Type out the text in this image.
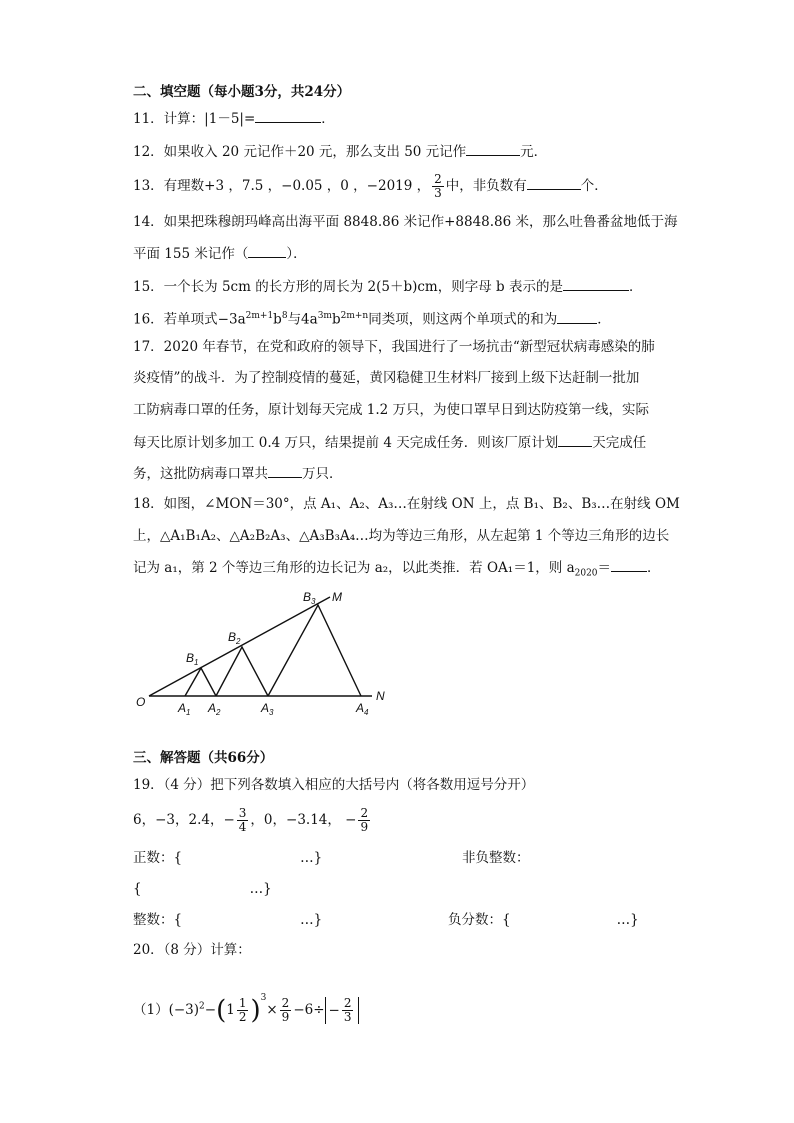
二、填空题（每小题3分，共24分）
11．计算：|1－5|=	．
12．如果收入 20 元记作＋20 元，那么支出 50 元记作	元．
13．有理数+3 ，7.5 ，−0.05 ，0 ，−2019 ， $\frac{2}{3}$ 中，非负数有	个．
14．如果把珠穆朗玛峰高出海平面 8848.86 米记作+8848.86 米，那么吐鲁番盆地低于海
平面 155 米记作（	）．
15．一个长为 5cm 的长方形的周长为 2(5＋b)cm，则字母 b 表示的是	．
16．若单项式$-3a^{2m+1}b^8$与$4a^{3m}b^{2m+n}$同类项，则这两个单项式的和为	．
17．2020 年春节，在党和政府的领导下，我国进行了一场抗击“新型冠状病毒感染的肺
炎疫情”的战斗．为了控制疫情的蔓延，黄冈稳健卫生材料厂接到上级下达赶制一批加
工防病毒口罩的任务，原计划每天完成 1.2 万只，为使口罩早日到达防疫第一线，实际
每天比原计划多加工 0.4 万只，结果提前 4 天完成任务．则该厂原计划	天完成任
务，这批防病毒口罩共	万只．
18．如图，∠MON＝30°，点 A₁、A₂、A₃…在射线 ON 上，点 B₁、B₂、B₃…在射线 OM
上，△A₁B₁A₂、△A₂B₂A₃、△A₃B₃A₄…均为等边三角形，从左起第 1 个等边三角形的边长
记为 a₁，第 2 个等边三角形的边长记为 a₂，以此类推．若 OA₁＝1，则 $a_{2020}=$	．
O	N
M
$A_1$ $A_2$	$A_3$	$A_4$
$B_1$
$B_2$
$B_3$
三、解答题（共66分）
19．（4 分）把下列各数填入相应的大括号内（将各数用逗号分开）
6，−3，2.4，− $\frac{3}{4}$ ，0，−3.14， − $\frac{2}{9}$
正数：{	…}	非负整数：
{	…}
整数：{	…}	负分数：{	…}
20．（8 分）计算：
$(1)(-3)^2-(1 \frac{1}{2} )^3\times \frac{2}{9} -6\div - \frac{2}{3}$
